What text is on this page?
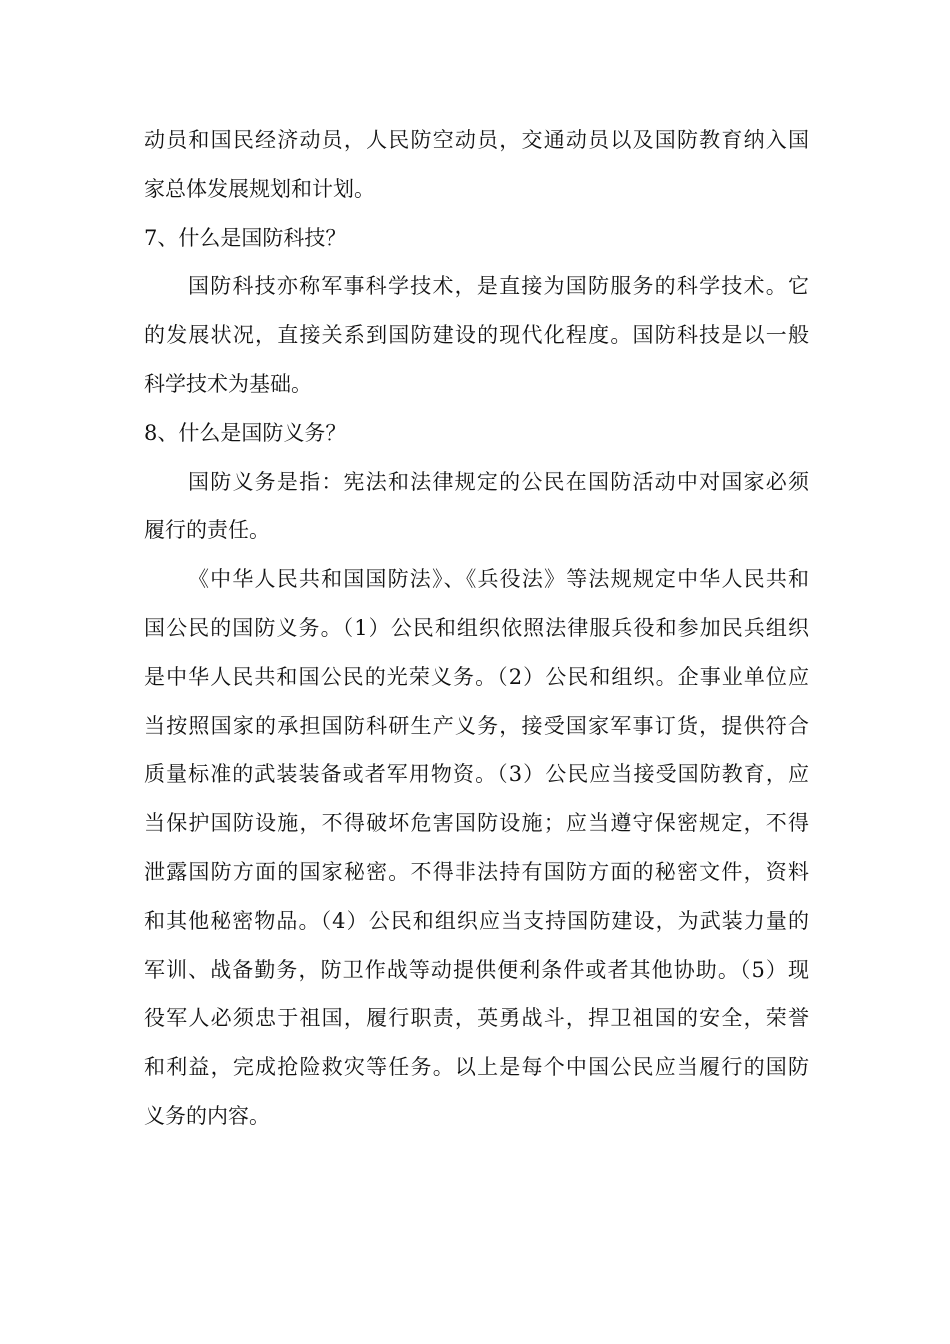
动员和国民经济动员，人民防空动员，交通动员以及国防教育纳入国
家总体发展规划和计划。
7、什么是国防科技？
国防科技亦称军事科学技术，是直接为国防服务的科学技术。它
的发展状况，直接关系到国防建设的现代化程度。国防科技是以一般
科学技术为基础。
8、什么是国防义务？
国防义务是指：宪法和法律规定的公民在国防活动中对国家必须
履行的责任。
《中华人民共和国国防法》、《兵役法》等法规规定中华人民共和
国公民的国防义务。（1）公民和组织依照法律服兵役和参加民兵组织
是中华人民共和国公民的光荣义务。（2）公民和组织。企事业单位应
当按照国家的承担国防科研生产义务，接受国家军事订货，提供符合
质量标准的武装装备或者军用物资。（3）公民应当接受国防教育，应
当保护国防设施，不得破坏危害国防设施；应当遵守保密规定，不得
泄露国防方面的国家秘密。不得非法持有国防方面的秘密文件，资料
和其他秘密物品。（4）公民和组织应当支持国防建设，为武装力量的
军训、战备勤务，防卫作战等动提供便利条件或者其他协助。（5）现
役军人必须忠于祖国，履行职责，英勇战斗，捍卫祖国的安全，荣誉
和利益，完成抢险救灾等任务。以上是每个中国公民应当履行的国防
义务的内容。
